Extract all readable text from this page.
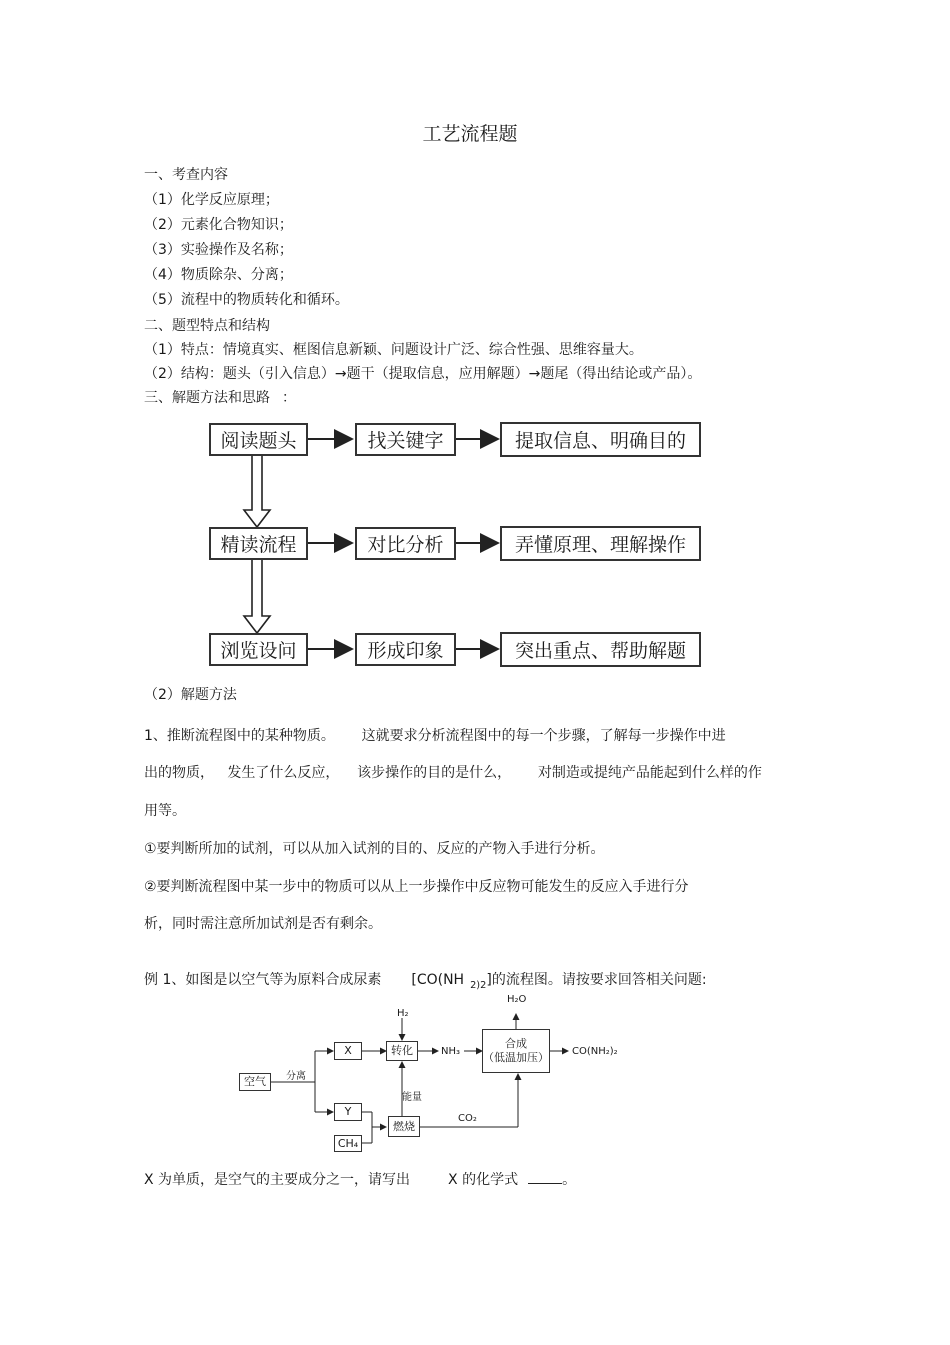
工艺流程题
一、考查内容
（1）化学反应原理；
（2）元素化合物知识；
（3）实验操作及名称；
（4）物质除杂、分离；
（5）流程中的物质转化和循环。
二、题型特点和结构
（1）特点：情境真实、框图信息新颖、问题设计广泛、综合性强、思维容量大。
（2）结构：题头（引入信息）→题干（提取信息，应用解题）→题尾（得出结论或产品）。
三、解题方法和思路 ：
阅读题头	找关键字	提取信息、明确目的
精读流程	对比分析	弄懂原理、理解操作
浏览设问	形成印象	突出重点、帮助解题
（2）解题方法
1、推断流程图中的某种物质。      这就要求分析流程图中的每一个步骤，了解每一步操作中进
出的物质，   发生了什么反应，    该步操作的目的是什么，      对制造或提纯产品能起到什么样的作
用等。
①要判断所加的试剂，可以从加入试剂的目的、反应的产物入手进行分析。
②要判断流程图中某一步中的物质可以从上一步操作中反应物可能发生的反应入手进行分
析，同时需注意所加试剂是否有剩余。
例 1、如图是以空气等为原料合成尿素 [CO(NH $_{2)2}$]的流程图。请按要求回答相关问题:
空气	分离
X
Y
CH₄
H₂
转化	NH₃
H₂O
合成
（低温加压） CO(NH₂)₂
能量
燃烧
CO₂
X 为单质，是空气的主要成分之一，请写出	X 的化学式	。
